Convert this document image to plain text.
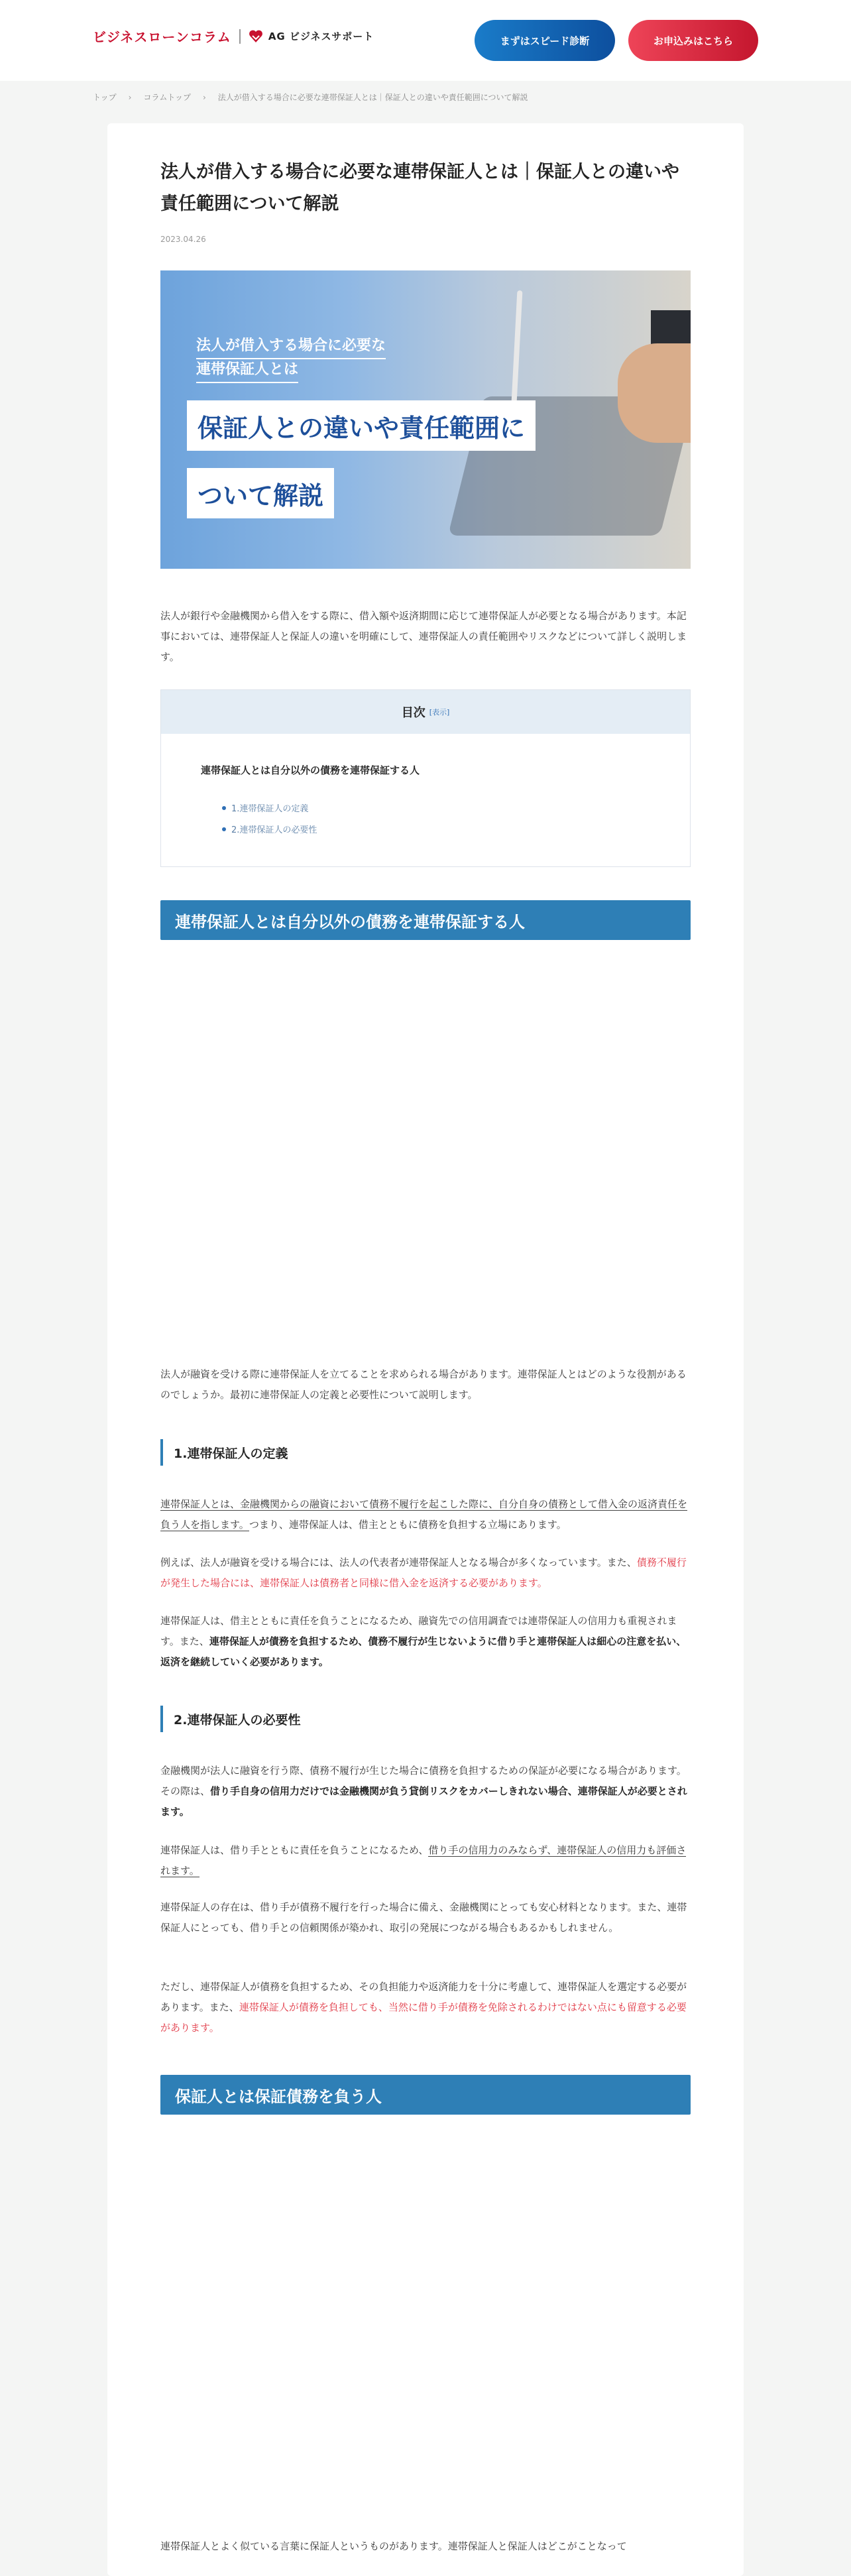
ビジネスローンコラム	AG ビジネスサポート	まずはスピード診断	お申込みはこちら
トップ › コラムトップ › 法人が借入する場合に必要な連帯保証人とは｜保証人との違いや責任範囲について解説
法人が借入する場合に必要な連帯保証人とは｜保証人との違いや責任範囲について解説
2023.04.26
法人が借入する場合に必要な
連帯保証人とは
保証人との違いや責任範囲に
ついて解説

法人が銀行や金融機関から借入をする際に、借入額や返済期間に応じて連帯保証人が必要となる場合があります。本記事においては、連帯保証人と保証人の違いを明確にして、連帯保証人の責任範囲やリスクなどについて詳しく説明します。

目次 [表示]
連帯保証人とは自分以外の債務を連帯保証する人
1.連帯保証人の定義
2.連帯保証人の必要性
連帯保証人とは自分以外の債務を連帯保証する人

法人が融資を受ける際に連帯保証人を立てることを求められる場合があります。連帯保証人とはどのような役割があるのでしょうか。最初に連帯保証人の定義と必要性について説明します。

1.連帯保証人の定義

連帯保証人とは、金融機関からの融資において債務不履行を起こした際に、自分自身の債務として借入金の返済責任を負う人を指します。つまり、連帯保証人は、借主とともに債務を負担する立場にあります。

例えば、法人が融資を受ける場合には、法人の代表者が連帯保証人となる場合が多くなっています。また、債務不履行が発生した場合には、連帯保証人は債務者と同様に借入金を返済する必要があります。

連帯保証人は、借主とともに責任を負うことになるため、融資先での信用調査では連帯保証人の信用力も重視されます。また、連帯保証人が債務を負担するため、債務不履行が生じないように借り手と連帯保証人は細心の注意を払い、返済を継続していく必要があります。

2.連帯保証人の必要性

金融機関が法人に融資を行う際、債務不履行が生じた場合に債務を負担するための保証が必要になる場合があります。その際は、借り手自身の信用力だけでは金融機関が負う貸倒リスクをカバーしきれない場合、連帯保証人が必要とされます。

連帯保証人は、借り手とともに責任を負うことになるため、借り手の信用力のみならず、連帯保証人の信用力も評価されます。

連帯保証人の存在は、借り手が債務不履行を行った場合に備え、金融機関にとっても安心材料となります。また、連帯保証人にとっても、借り手との信頼関係が築かれ、取引の発展につながる場合もあるかもしれません。

ただし、連帯保証人が債務を負担するため、その負担能力や返済能力を十分に考慮して、連帯保証人を選定する必要があります。また、連帯保証人が債務を負担しても、当然に借り手が債務を免除されるわけではない点にも留意する必要があります。

保証人とは保証債務を負う人

連帯保証人とよく似ている言葉に保証人というものがあります。連帯保証人と保証人はどこがことなって
